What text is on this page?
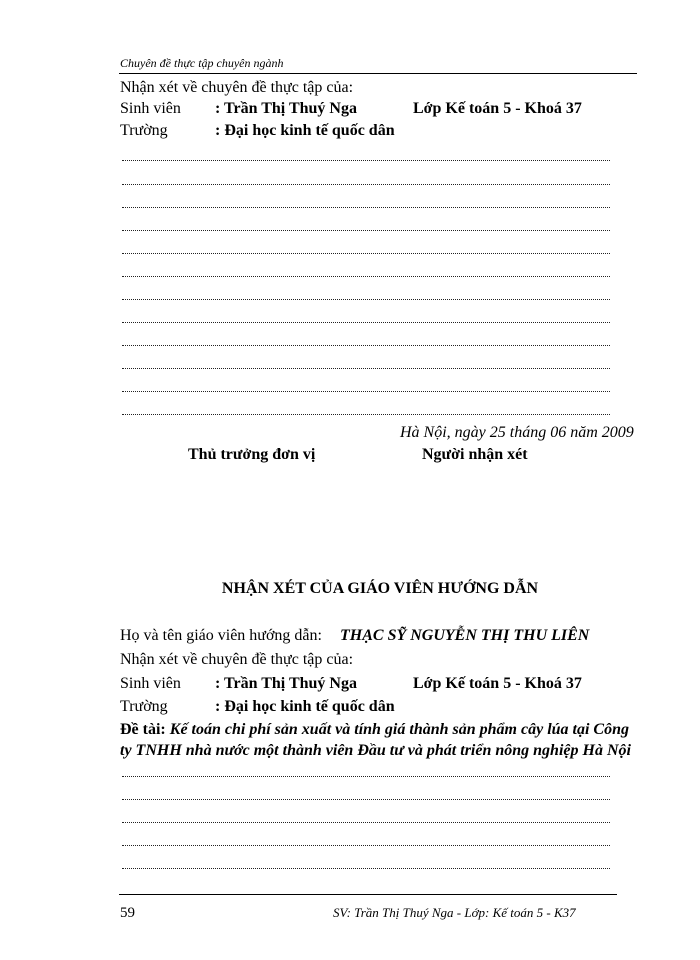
Chuyên đề thực tập chuyên ngành
Nhận xét về chuyên đề thực tập của:
Sinh viên : Trần Thị Thuý Nga	Lớp Kế toán 5 - Khoá 37
Trường	: Đại học kinh tế quốc dân
Hà Nội, ngày 25 tháng 06 năm 2009
Thủ trưởng đơn vị	Người nhận xét
NHẬN XÉT CỦA GIÁO VIÊN HƯỚNG DẪN
Họ và tên giáo viên hướng dẫn: THẠC SỸ NGUYỄN THỊ THU LIÊN
Nhận xét về chuyên đề thực tập của:
Sinh viên : Trần Thị Thuý Nga	Lớp Kế toán 5 - Khoá 37
Trường	: Đại học kinh tế quốc dân
Đề tài: Kế toán chi phí sản xuất và tính giá thành sản phẩm cây lúa tại Công
ty TNHH nhà nước một thành viên Đầu tư và phát triển nông nghiệp Hà Nội
59	SV: Trần Thị Thuý Nga - Lớp: Kế toán 5 - K37
